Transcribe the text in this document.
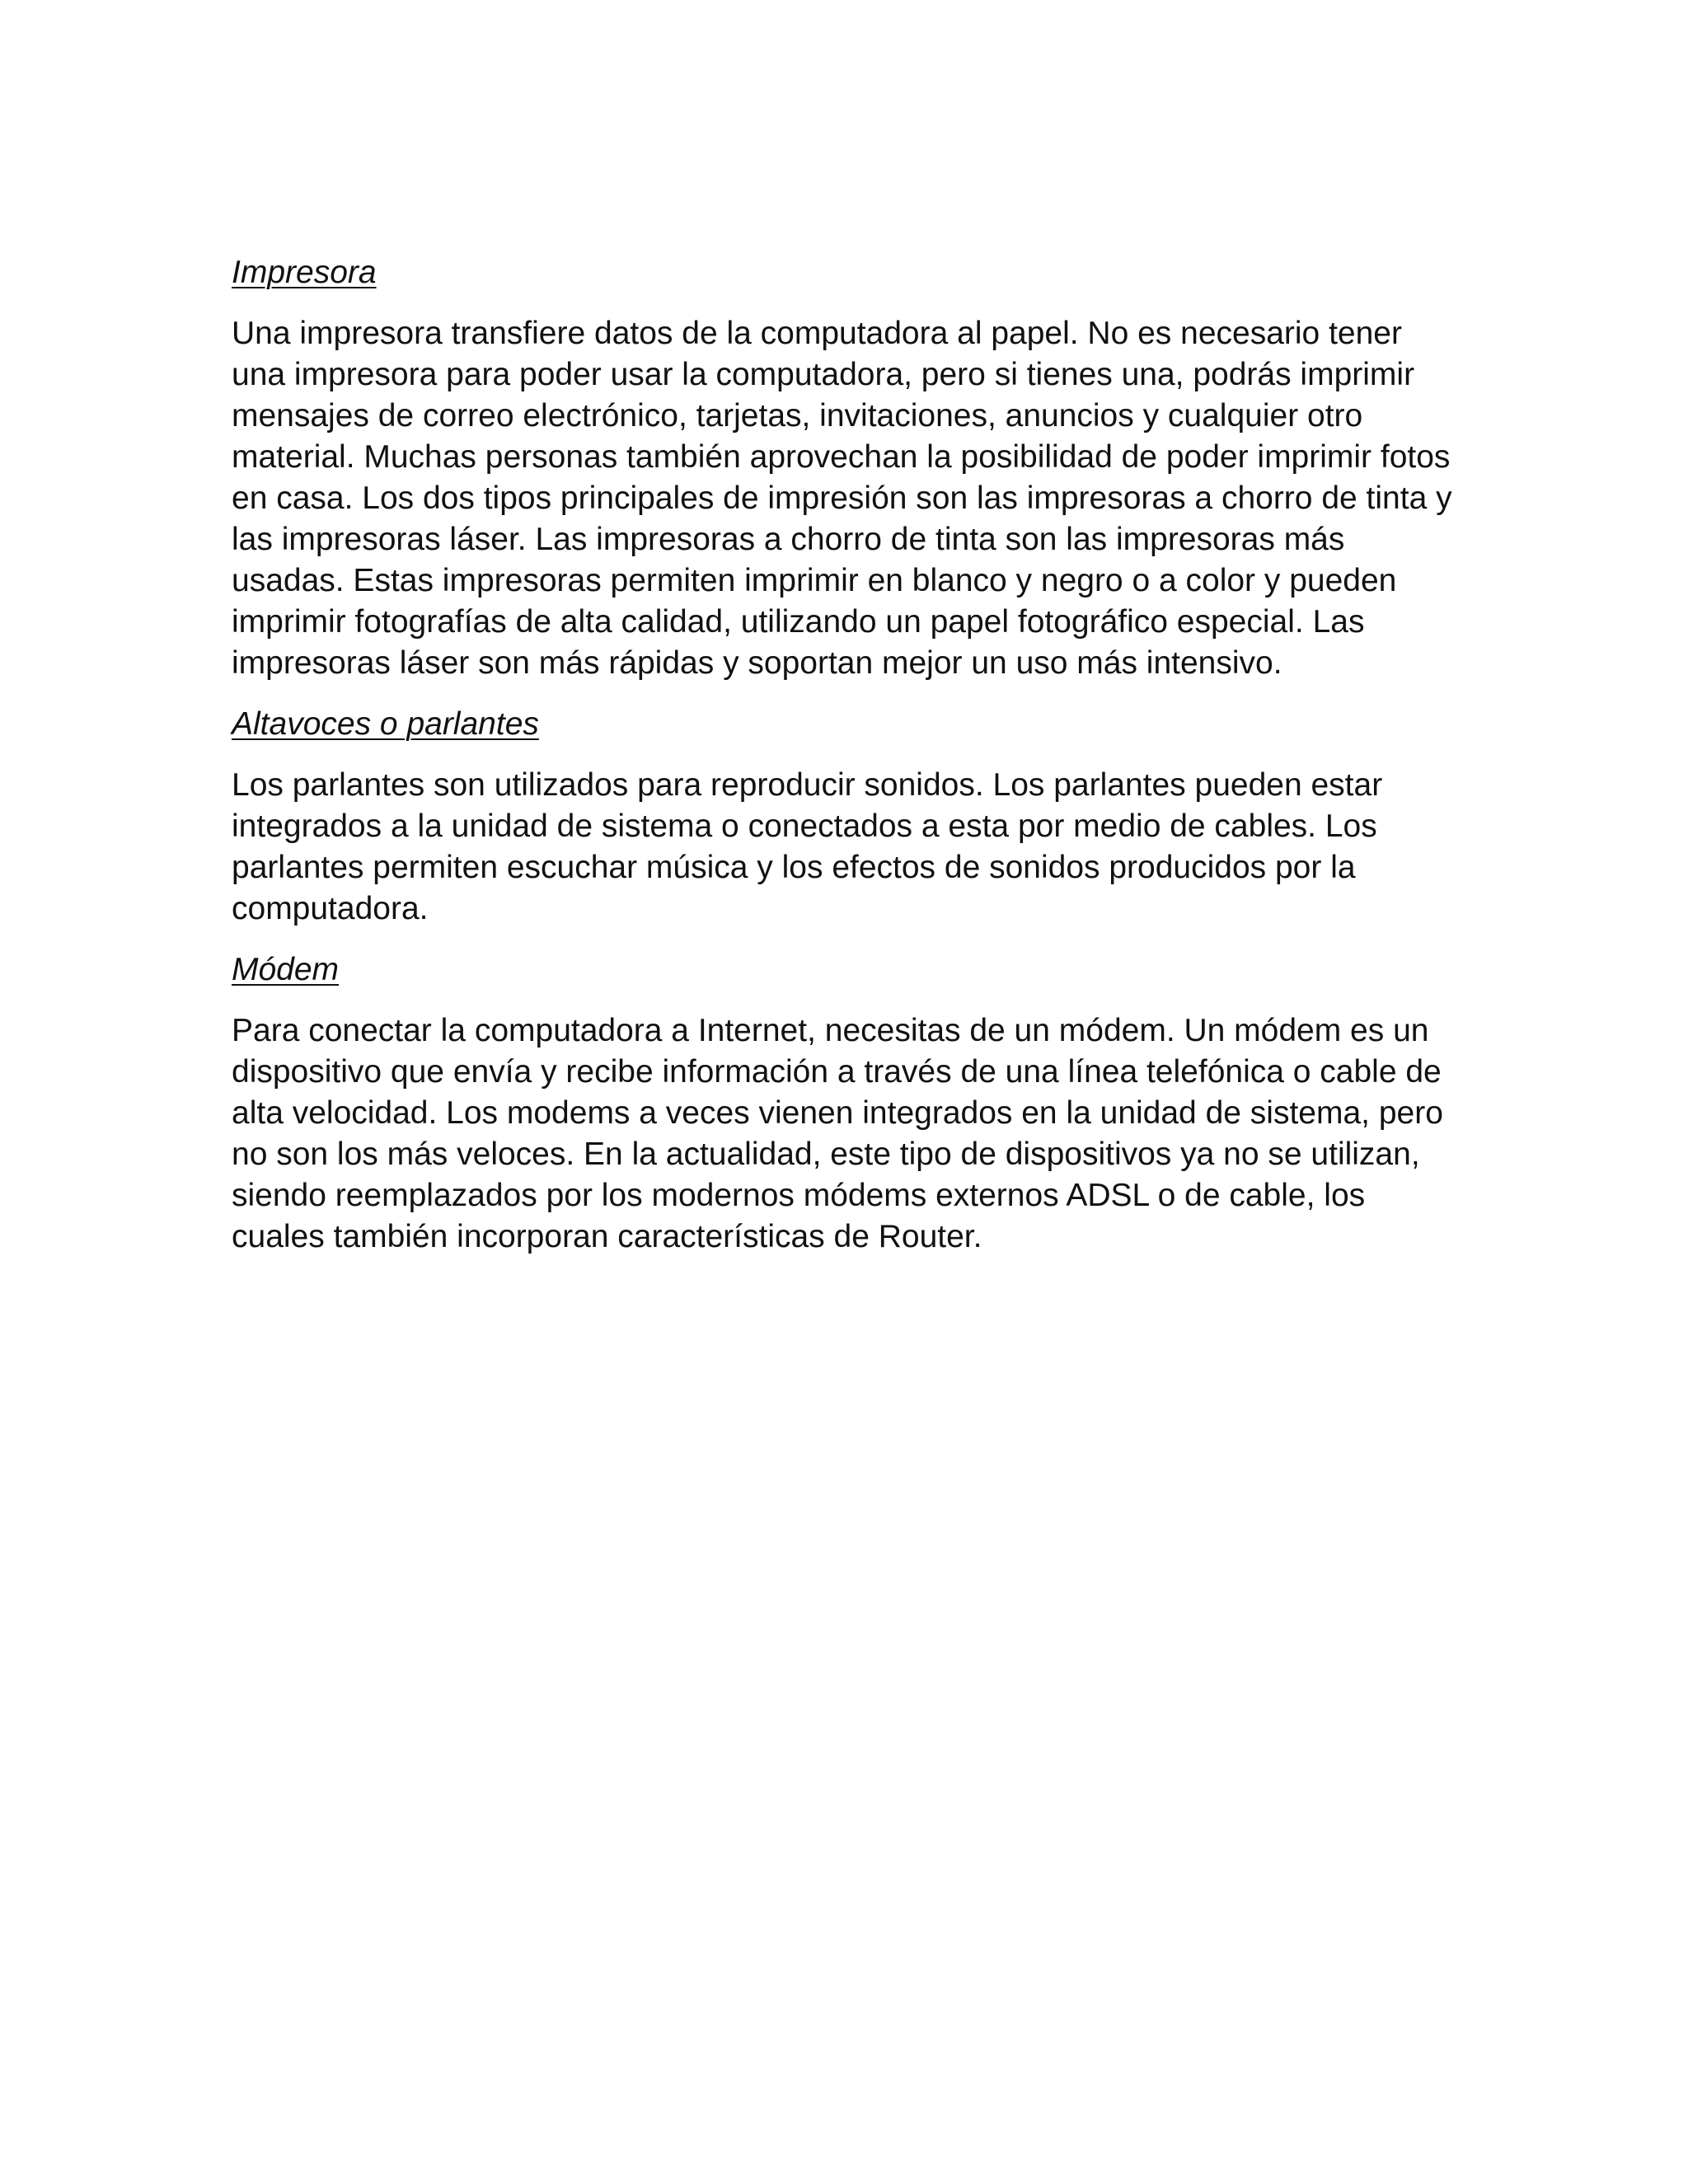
Impresora

Una impresora transfiere datos de la computadora al papel. No es necesario tener una impresora para poder usar la computadora, pero si tienes una, podrás imprimir mensajes de correo electrónico, tarjetas, invitaciones, anuncios y cualquier otro material. Muchas personas también aprovechan la posibilidad de poder imprimir fotos en casa. Los dos tipos principales de impresión son las impresoras a chorro de tinta y las impresoras láser. Las impresoras a chorro de tinta son las impresoras más usadas. Estas impresoras permiten imprimir en blanco y negro o a color y pueden imprimir fotografías de alta calidad, utilizando un papel fotográfico especial. Las impresoras láser son más rápidas y soportan mejor un uso más intensivo.

Altavoces o parlantes

Los parlantes son utilizados para reproducir sonidos. Los parlantes pueden estar integrados a la unidad de sistema o conectados a esta por medio de cables. Los parlantes permiten escuchar música y los efectos de sonidos producidos por la computadora.

Módem

Para conectar la computadora a Internet, necesitas de un módem. Un módem es un dispositivo que envía y recibe información a través de una línea telefónica o cable de alta velocidad. Los modems a veces vienen integrados en la unidad de sistema, pero no son los más veloces. En la actualidad, este tipo de dispositivos ya no se utilizan, siendo reemplazados por los modernos módems externos ADSL o de cable, los cuales también incorporan características de Router.
